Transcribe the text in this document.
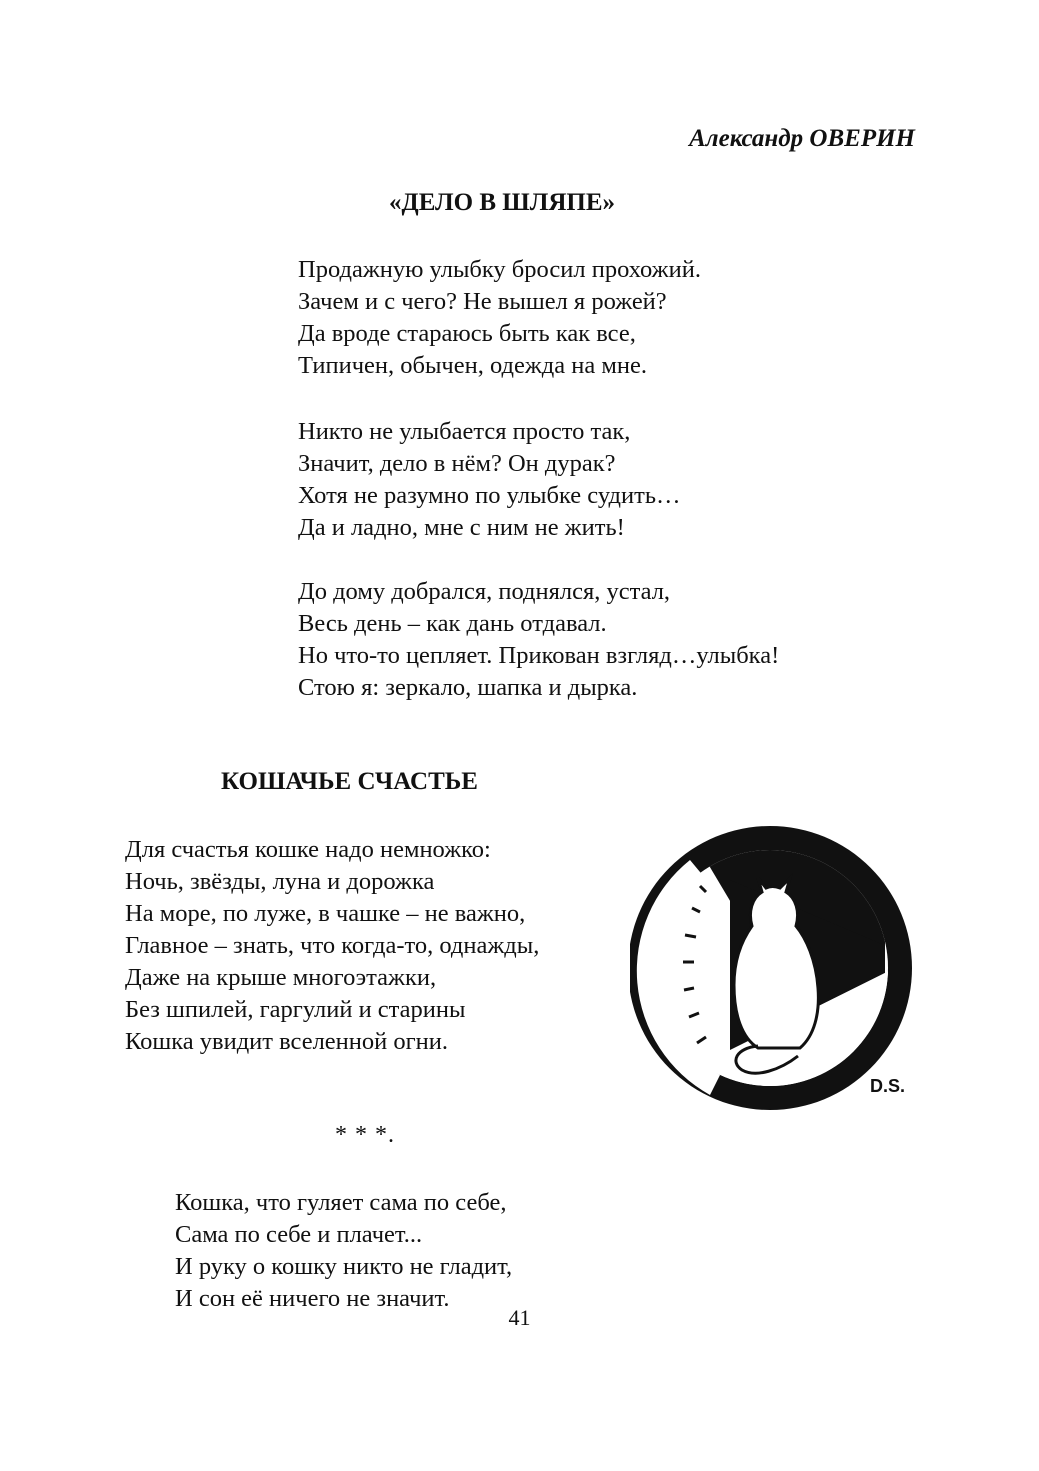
Александр ОВЕРИН
«ДЕЛО В ШЛЯПЕ»
Продажную улыбку бросил прохожий.
Зачем и с чего? Не вышел я рожей?
Да вроде стараюсь быть как все,
Типичен, обычен, одежда на мне.
Никто не улыбается просто так,
Значит, дело в нём? Он дурак?
Хотя не разумно по улыбке судить…
Да и ладно, мне с ним не жить!
До дому добрался, поднялся, устал,
Весь день – как дань отдавал.
Но что-то цепляет. Прикован взгляд…улыбка!
Стою я: зеркало, шапка и дырка.
КОШАЧЬЕ СЧАСТЬЕ
Для счастья кошке надо немножко:
Ночь, звёзды, луна и дорожка
На море, по луже, в чашке – не важно,
Главное – знать, что когда-то, однажды,
Даже на крыше многоэтажки,
Без шпилей, гаргулий и старины
Кошка увидит вселенной огни.
D.S.
* * *.
Кошка, что гуляет сама по себе,
Сама по себе и плачет...
И руку о кошку никто не гладит,
И сон её ничего не значит.
41
